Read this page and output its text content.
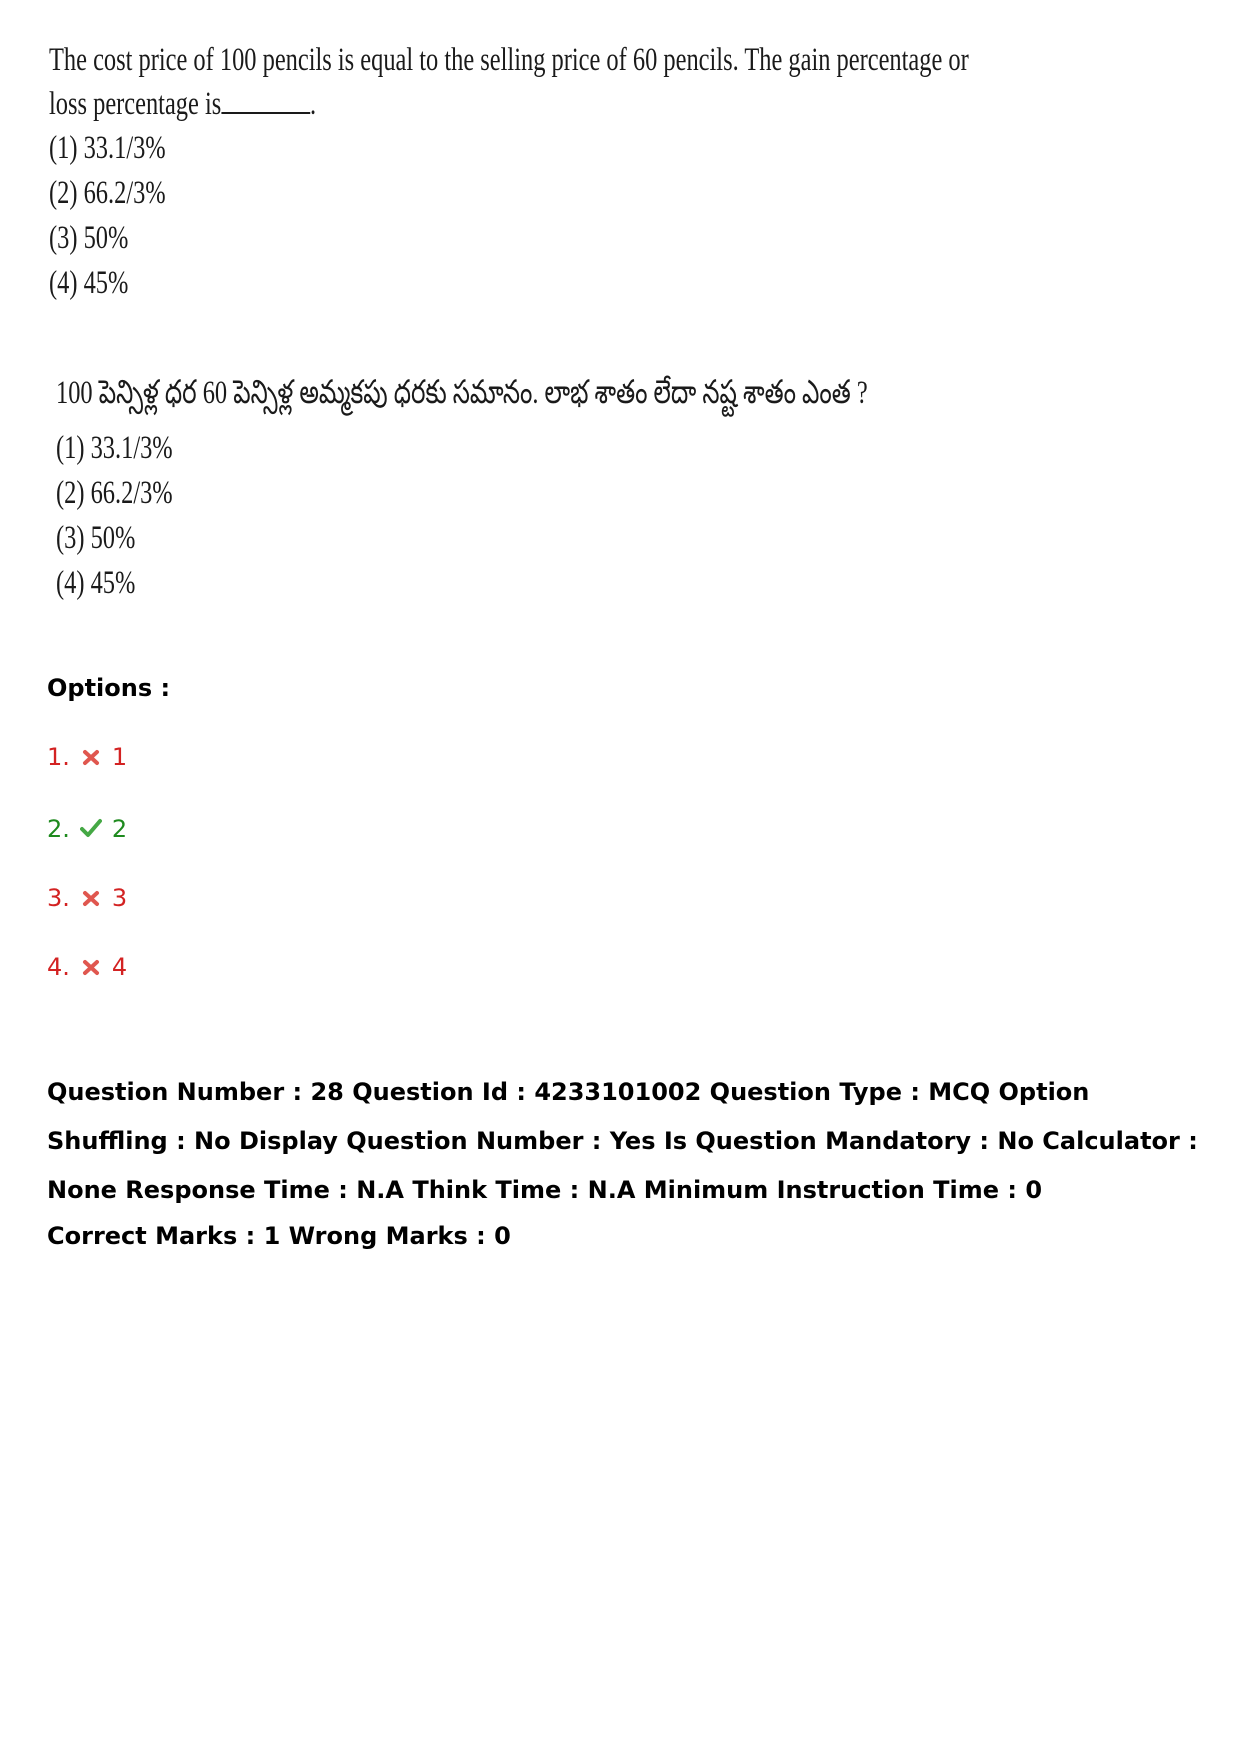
The cost price of 100 pencils is equal to the selling price of 60 pencils. The gain percentage or
loss percentage is	.
(1) 33.1/3%
(2) 66.2/3%
(3) 50%
(4) 45%
100 పెన్సిళ్ల ధర 60 పెన్సిళ్ల అమ్మకపు ధరకు సమానం. లాభ శాతం లేదా నష్ట శాతం ఎంత ?
(1) 33.1/3%
(2) 66.2/3%
(3) 50%
(4) 45%
Options :
1. 1
2. 2
3. 3
4. 4
Question Number : 28 Question Id : 4233101002 Question Type : MCQ Option Shuffling : No Display Question Number : Yes Is Question Mandatory : No Calculator : None Response Time : N.A Think Time : N.A Minimum Instruction Time : 0
Correct Marks : 1 Wrong Marks : 0
